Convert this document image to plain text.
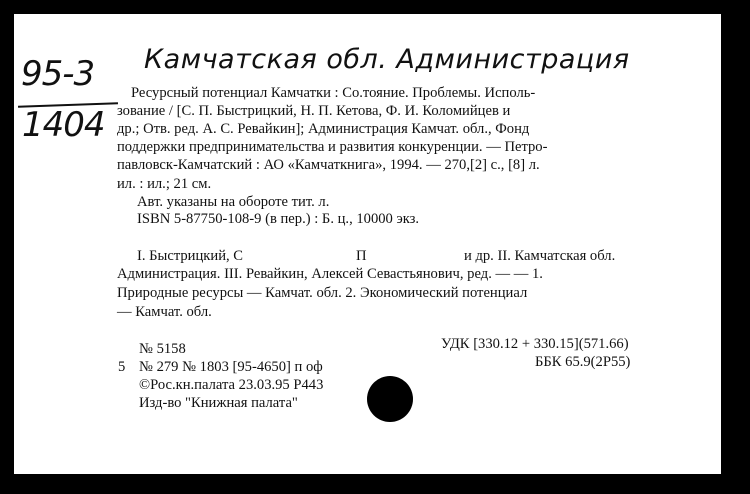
95-3
1404
Камчатская обл. Администрация
Ресурсный потенциал Камчатки : Со.тояние. Проблемы. Исполь-
зование / [С. П. Быстрицкий, Н. П. Кетова, Ф. И. Коломийцев и
др.; Отв. ред. А. С. Ревайкин]; Администрация Камчат. обл., Фонд
поддержки предпринимательства и развития конкуренции. — Петро-
павловск-Камчатский : АО «Камчаткнига», 1994. — 270,[2] с., [8] л.
ил. : ил.; 21 см.
Авт. указаны на обороте тит. л.
ISBN 5-87750-108-9 (в пер.) : Б. ц., 10000 экз.
I. Быстрицкий, С	П	и др. II. Камчатская обл.
Администрация. III. Ревайкин, Алексей Севастьянович, ред. — — 1.
Природные ресурсы — Камчат. обл. 2. Экономический потенциал
— Камчат. обл.
№ 5158
5 № 279 № 1803 [95-4650] п оф
©Рос.кн.палата 23.03.95 Р443
Изд-во "Книжная палата"
УДК [330.12 + 330.15](571.66)
ББК 65.9(2Р55)
